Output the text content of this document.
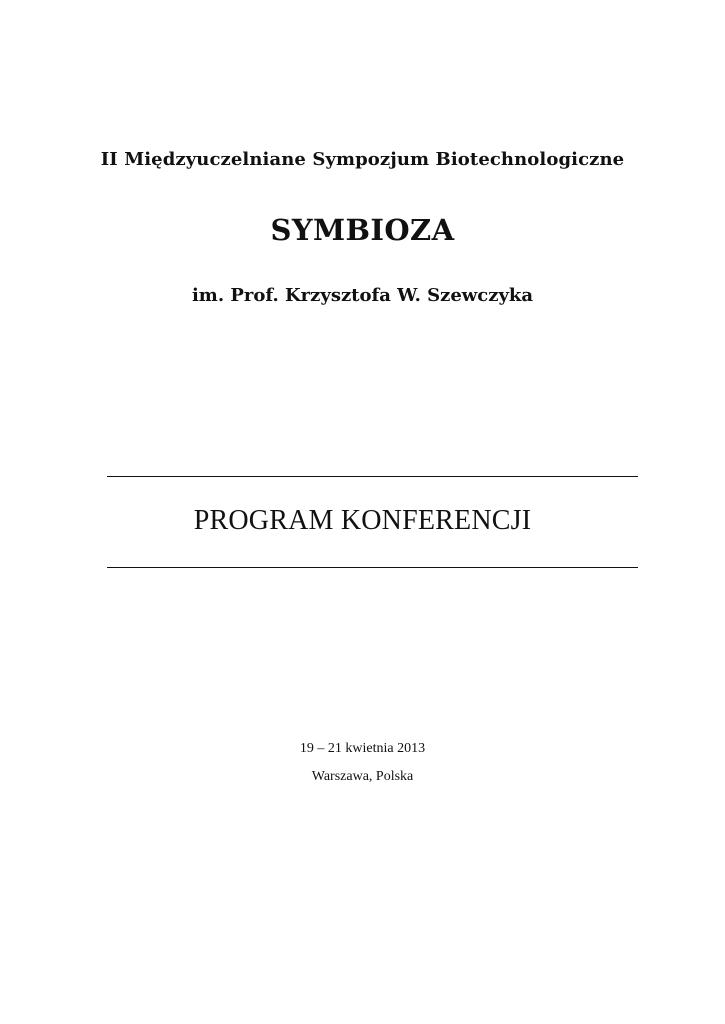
II Międzyuczelniane Sympozjum Biotechnologiczne
SYMBIOZA
im. Prof. Krzysztofa W. Szewczyka
PROGRAM KONFERENCJI
19 – 21 kwietnia 2013
Warszawa, Polska
